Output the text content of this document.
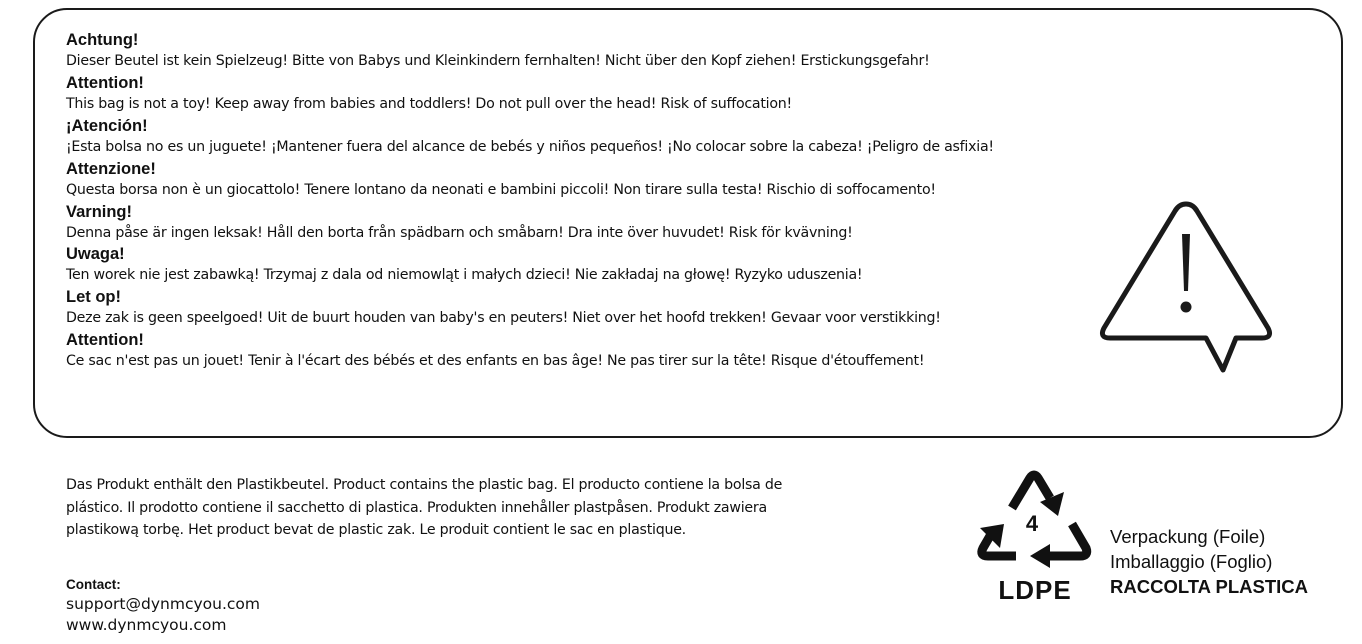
Achtung!
Dieser Beutel ist kein Spielzeug! Bitte von Babys und Kleinkindern fernhalten! Nicht über den Kopf ziehen! Erstickungsgefahr!
Attention!
This bag is not a toy! Keep away from babies and toddlers! Do not pull over the head! Risk of suffocation!
¡Atención!
¡Esta bolsa no es un juguete! ¡Mantener fuera del alcance de bebés y niños pequeños! ¡No colocar sobre la cabeza! ¡Peligro de asfixia!
Attenzione!
Questa borsa non è un giocattolo! Tenere lontano da neonati e bambini piccoli! Non tirare sulla testa! Rischio di soffocamento!
Varning!
Denna påse är ingen leksak! Håll den borta från spädbarn och småbarn! Dra inte över huvudet! Risk för kvävning!
Uwaga!
Ten worek nie jest zabawką! Trzymaj z dala od niemowląt i małych dzieci! Nie zakładaj na głowę! Ryzyko uduszenia!
Let op!
Deze zak is geen speelgoed! Uit de buurt houden van baby's en peuters! Niet over het hoofd trekken! Gevaar voor verstikking!
Attention!
Ce sac n'est pas un jouet! Tenir à l'écart des bébés et des enfants en bas âge! Ne pas tirer sur la tête! Risque d'étouffement!
Das Produkt enthält den Plastikbeutel. Product contains the plastic bag. El producto contiene la bolsa de
plástico. Il prodotto contiene il sacchetto di plastica. Produkten innehåller plastpåsen. Produkt zawiera
plastikową torbę. Het product bevat de plastic zak. Le produit contient le sac en plastique.
Contact:
support@dynmcyou.com
www.dynmcyou.com
4
LDPE
Verpackung (Foile)
Imballaggio (Foglio)
RACCOLTA PLASTICA
